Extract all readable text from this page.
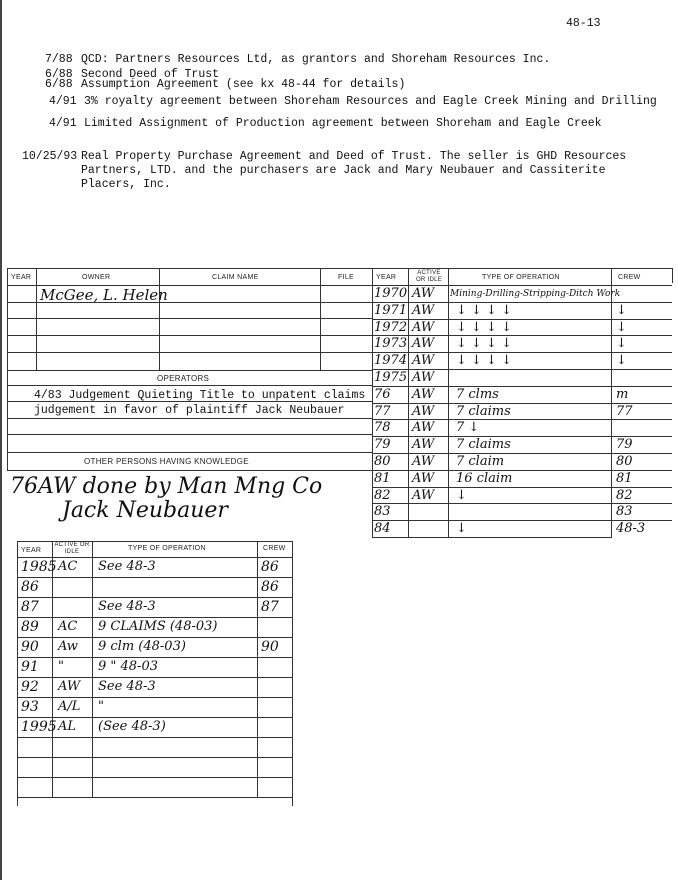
48-13
7/88 QCD: Partners Resources Ltd, as grantors and Shoreham Resources Inc.
6/88 Second Deed of Trust
6/88 Assumption Agreement (see kx 48-44 for details)
4/91 3% royalty agreement between Shoreham Resources and Eagle Creek Mining and Drilling
4/91 Limited Assignment of Production agreement between Shoreham and Eagle Creek
10/25/93 Real Property Purchase Agreement and Deed of Trust. The seller is GHD Resources
Partners, LTD. and the purchasers are Jack and Mary Neubauer and Cassiterite
Placers, Inc.
YEAR	OWNER	CLAIM NAME	FILE
McGee, L. Helen
OPERATORS
4/83 Judgement Quieting Title to unpatent claims
judgement in favor of plaintiff Jack Neubauer
OTHER PERSONS HAVING KNOWLEDGE
76AW done by Man Mng Co
Jack Neubauer
YEAR
ACTIVE OR IDLE	TYPE OF OPERATION	CREW
Mining-Drilling-Stripping-Ditch Work
1970 AW
1971 AW ↓ ↓ ↓ ↓	↓
1972 AW ↓ ↓ ↓ ↓	↓
1973 AW ↓ ↓ ↓ ↓	↓
1974 AW ↓ ↓ ↓ ↓	↓
1975 AW
76 AW 7 clms	m
77 AW 7 claims	77
78 AW 7 ↓
79 AW 7 claims	79
80 AW 7 claim	80
81 AW 16 claim	81
82 AW ↓	82
83	83
84	↓	48-3
YEAR
ACTIVE OR IDLE	TYPE OF OPERATION	CREW
1985 AC See 48-3	86
86	86
87	See 48-3	87
89 AC 9 CLAIMS (48-03)
90 Aw 9 clm (48-03)	90
91 "	9 " 48-03
92 AW See 48-3
93 A/L "
1995 AL (See 48-3)
